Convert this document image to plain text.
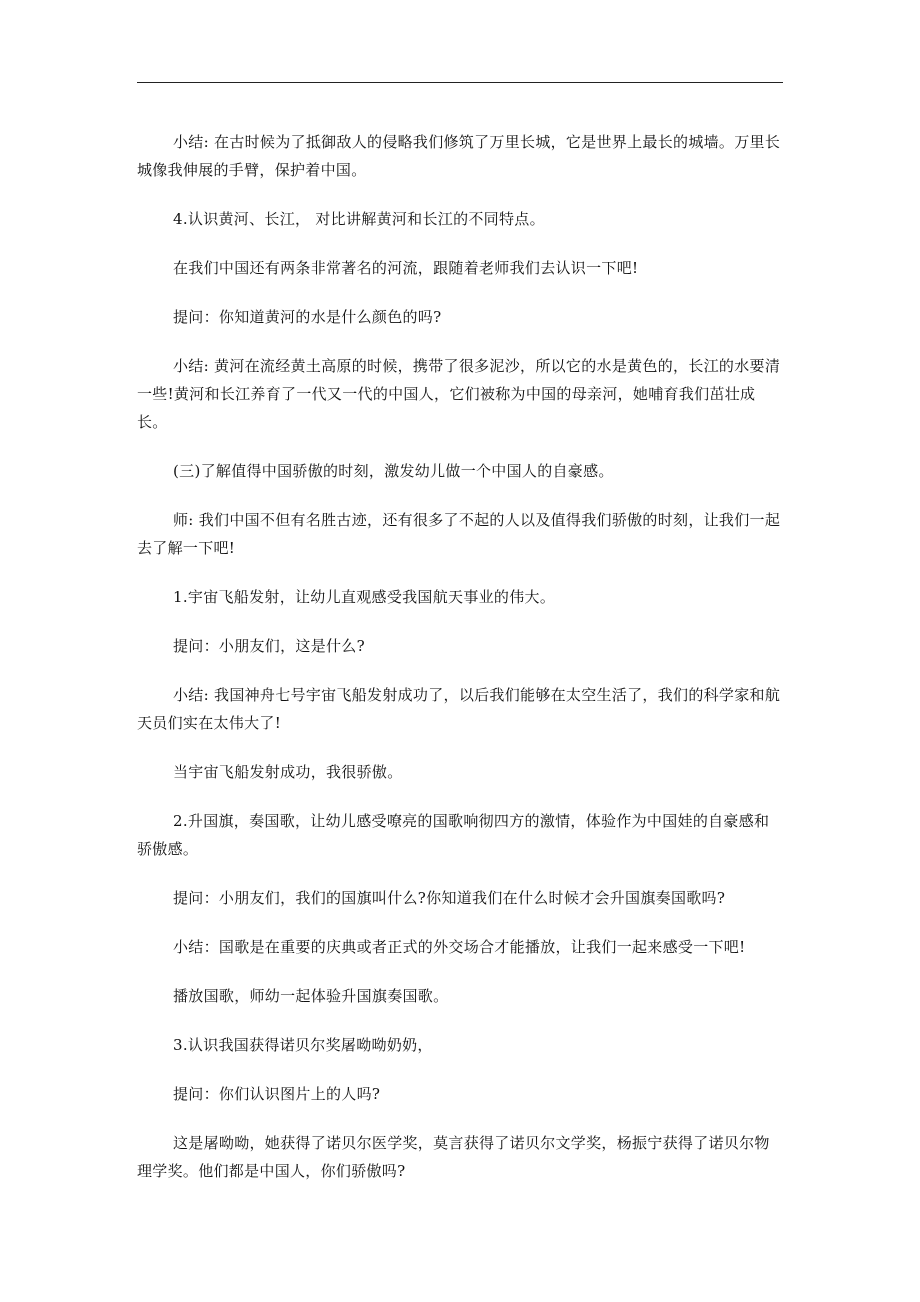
小结: 在古时候为了抵御敌人的侵略我们修筑了万里长城，它是世界上最长的城墙。万里长城像我伸展的手臂，保护着中国。

4.认识黄河、长江， 对比讲解黄河和长江的不同特点。

在我们中国还有两条非常著名的河流，跟随着老师我们去认识一下吧!

提问：你知道黄河的水是什么颜色的吗?

小结: 黄河在流经黄土高原的时候，携带了很多泥沙，所以它的水是黄色的，长江的水要清一些!黄河和长江养育了一代又一代的中国人，它们被称为中国的母亲河，她哺育我们茁壮成长。

(三)了解值得中国骄傲的时刻，激发幼儿做一个中国人的自豪感。

师: 我们中国不但有名胜古迹，还有很多了不起的人以及值得我们骄傲的时刻，让我们一起去了解一下吧!

1.宇宙飞船发射，让幼儿直观感受我国航天事业的伟大。

提问：小朋友们，这是什么?

小结: 我国神舟七号宇宙飞船发射成功了，以后我们能够在太空生活了，我们的科学家和航天员们实在太伟大了!

当宇宙飞船发射成功，我很骄傲。

2.升国旗，奏国歌，让幼儿感受嘹亮的国歌响彻四方的激情，体验作为中国娃的自豪感和骄傲感。

提问：小朋友们，我们的国旗叫什么?你知道我们在什么时候才会升国旗奏国歌吗?

小结：国歌是在重要的庆典或者正式的外交场合才能播放，让我们一起来感受一下吧!

播放国歌，师幼一起体验升国旗奏国歌。

3.认识我国获得诺贝尔奖屠呦呦奶奶，

提问：你们认识图片上的人吗?

这是屠呦呦，她获得了诺贝尔医学奖，莫言获得了诺贝尔文学奖，杨振宁获得了诺贝尔物理学奖。他们都是中国人，你们骄傲吗?
